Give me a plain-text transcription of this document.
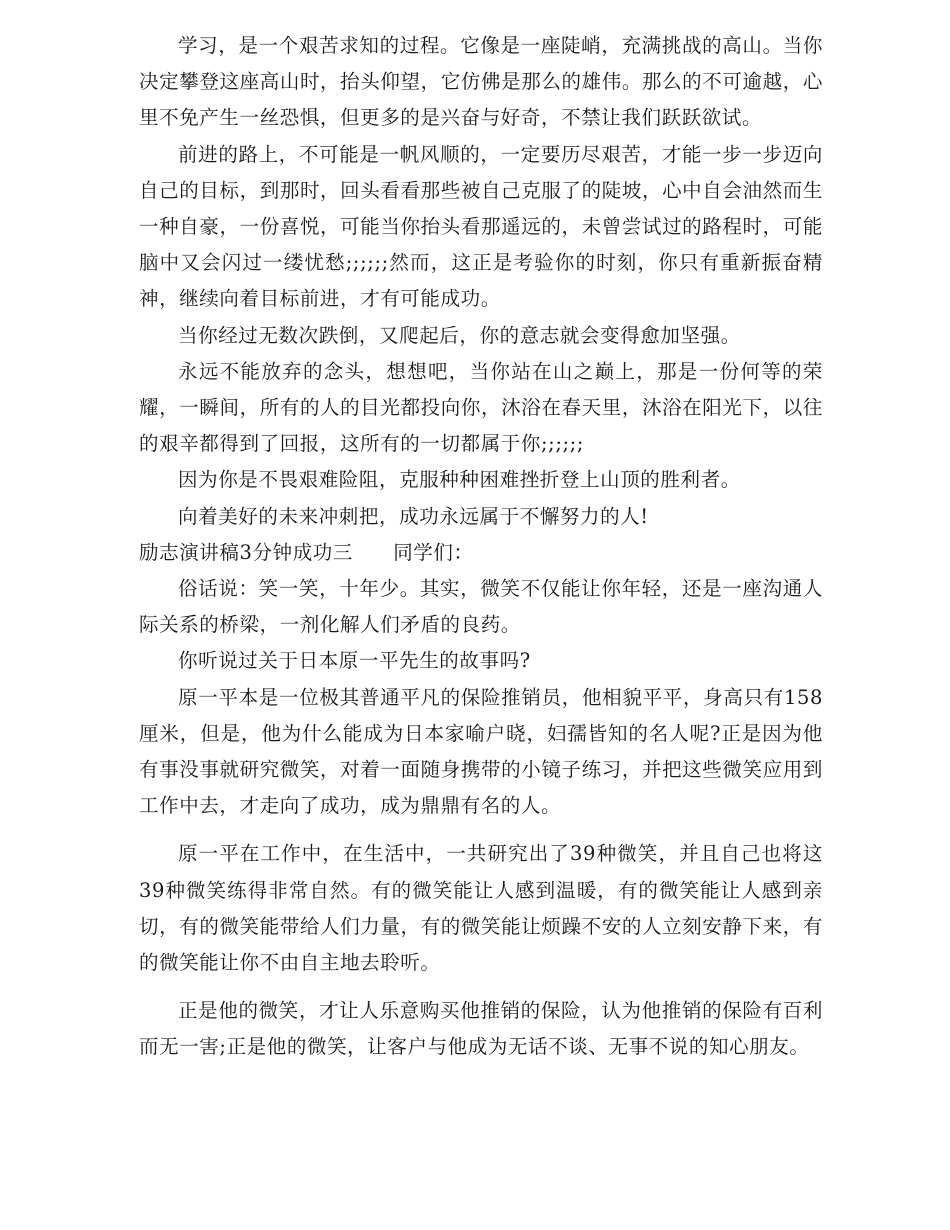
学习，是一个艰苦求知的过程。它像是一座陡峭，充满挑战的高山。当你决定攀登这座高山时，抬头仰望，它仿佛是那么的雄伟。那么的不可逾越，心里不免产生一丝恐惧，但更多的是兴奋与好奇，不禁让我们跃跃欲试。

前进的路上，不可能是一帆风顺的，一定要历尽艰苦，才能一步一步迈向自己的目标，到那时，回头看看那些被自己克服了的陡坡，心中自会油然而生一种自豪，一份喜悦，可能当你抬头看那遥远的，未曾尝试过的路程时，可能脑中又会闪过一缕忧愁;;;;;;然而，这正是考验你的时刻，你只有重新振奋精神，继续向着目标前进，才有可能成功。

当你经过无数次跌倒，又爬起后，你的意志就会变得愈加坚强。

永远不能放弃的念头，想想吧，当你站在山之巅上，那是一份何等的荣耀，一瞬间，所有的人的目光都投向你，沐浴在春天里，沐浴在阳光下，以往的艰辛都得到了回报，这所有的一切都属于你;;;;;;

因为你是不畏艰难险阻，克服种种困难挫折登上山顶的胜利者。

向着美好的未来冲刺把，成功永远属于不懈努力的人!

励志演讲稿3分钟成功三　　同学们：

俗话说：笑一笑，十年少。其实，微笑不仅能让你年轻，还是一座沟通人际关系的桥梁，一剂化解人们矛盾的良药。

你听说过关于日本原一平先生的故事吗?

原一平本是一位极其普通平凡的保险推销员，他相貌平平，身高只有158厘米，但是，他为什么能成为日本家喻户晓，妇孺皆知的名人呢?正是因为他有事没事就研究微笑，对着一面随身携带的小镜子练习，并把这些微笑应用到工作中去，才走向了成功，成为鼎鼎有名的人。

原一平在工作中，在生活中，一共研究出了39种微笑，并且自己也将这39种微笑练得非常自然。有的微笑能让人感到温暖，有的微笑能让人感到亲切，有的微笑能带给人们力量，有的微笑能让烦躁不安的人立刻安静下来，有的微笑能让你不由自主地去聆听。

正是他的微笑，才让人乐意购买他推销的保险，认为他推销的保险有百利而无一害;正是他的微笑，让客户与他成为无话不谈、无事不说的知心朋友。
